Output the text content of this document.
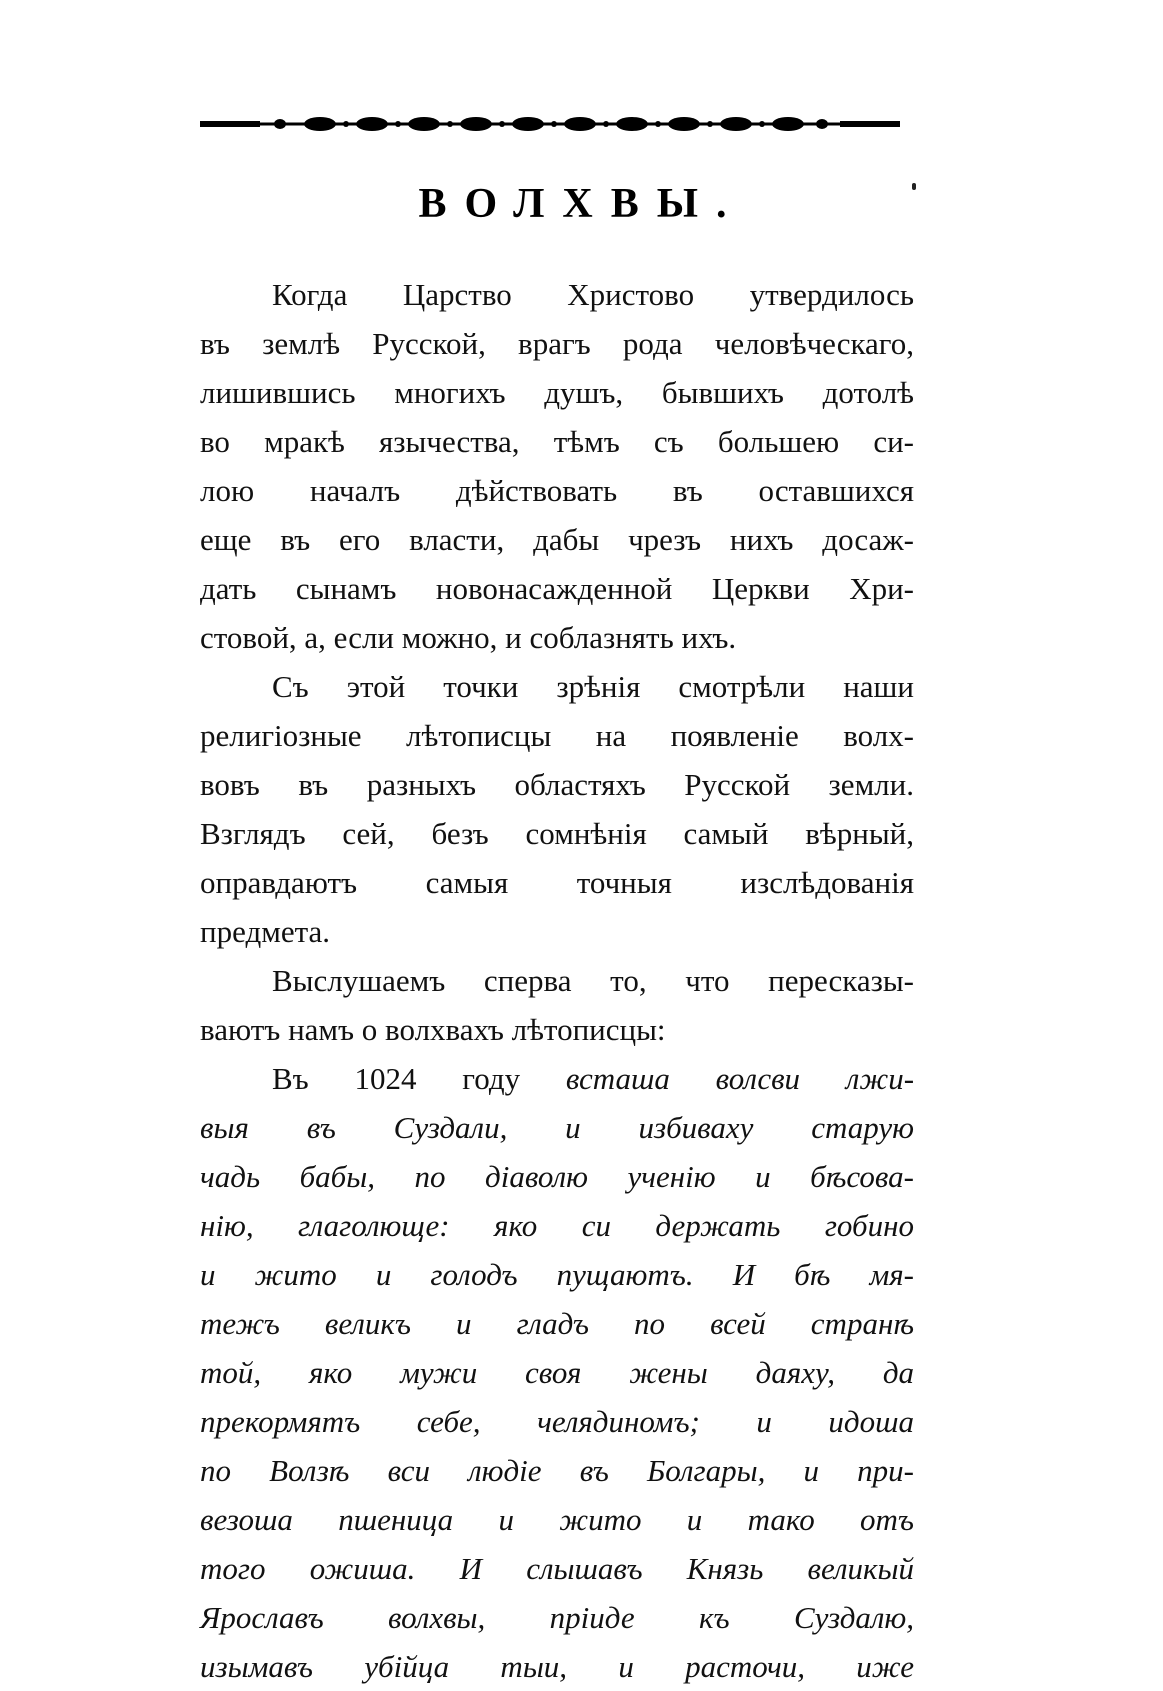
ВОЛХВЫ.
Когда Царство Христово утвердилось
въ землѣ Русской, врагъ рода человѣческаго,
лишившись многихъ душъ, бывшихъ дотолѣ
во мракѣ язычества, тѣмъ съ большею си-
лою началъ дѣйствовать въ оставшихся
еще въ его власти, дабы чрезъ нихъ досаж-
дать сынамъ новонасажденной Церкви Хри-
стовой, а, если можно, и соблазнять ихъ.
Съ этой точки зрѣнія смотрѣли наши
религіозные лѣтописцы на появленіе волх-
вовъ въ разныхъ областяхъ Русской земли.
Взглядъ сей, безъ сомнѣнія самый вѣрный,
оправдаютъ самыя точныя изслѣдованія
предмета.
Выслушаемъ сперва то, что пересказы-
ваютъ намъ о волхвахъ лѣтописцы:
Въ 1024 году всташа волсви лжи-
выя въ Суздали, и избиваху старую
чадь бабы, по діаволю ученію и бѣсова-
нію, глаголюще: яко си держать гобино
и жито и голодъ пущаютъ. И бѣ мя-
тежъ великъ и гладъ по всей странѣ
той, яко мужи своя жены даяху, да
прекормятъ себе, челядиномъ; и идоша
по Волзѣ вси людіе въ Болгары, и при-
везоша пшеница и жито и тако отъ
того ожиша. И слышавъ Князь великый
Ярославъ волхвы, пріиде къ Суздалю,
изымавъ убійца тыи, и расточи, иже
